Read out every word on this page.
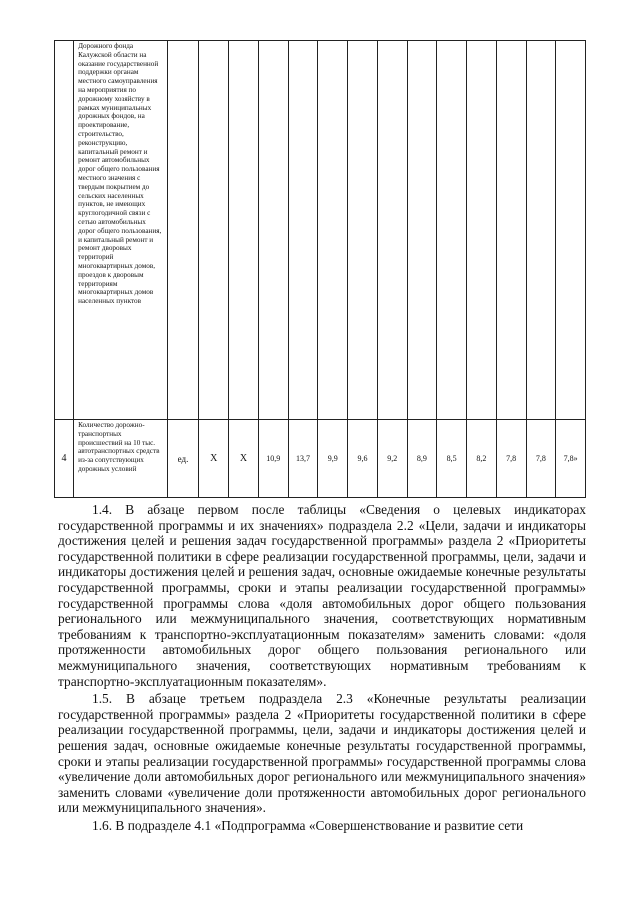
	Дорожного фонда Калужской области на оказание государственной поддержки органам местного самоуправления на мероприятия по дорожному хозяйству в рамках муниципальных дорожных фондов, на проектирование, строительство, реконструкцию, капитальный ремонт и ремонт автомобильных дорог общего пользования местного значения с твердым покрытием до сельских населенных пунктов, не имеющих круглогодичной связи с сетью автомобильных дорог общего пользования, и капитальный ремонт и ремонт дворовых территорий многоквартирных домов, проездов к дворовым территориям многоквартирных домов населенных пунктов														

4	Количество дорожно-транспортных происшествий на 10 тыс. автотранспортных средств из-за сопутствующих дорожных условий	ед.	Х	Х	10,9	13,7	9,9	9,6	9,2	8,9	8,5	8,2	7,8	7,8	7,8»

1.4. В абзаце первом после таблицы «Сведения о целевых индикаторах государственной программы и их значениях» подраздела 2.2 «Цели, задачи и индикаторы достижения целей и решения задач государственной программы» раздела 2 «Приоритеты государственной политики в сфере реализации государственной программы, цели, задачи и индикаторы достижения целей и решения задач, основные ожидаемые конечные результаты государственной программы, сроки и этапы реализации государственной программы» государственной программы слова «доля автомобильных дорог общего пользования регионального или межмуниципального значения, соответствующих нормативным требованиям к транспортно-эксплуатационным показателям» заменить словами: «доля протяженности автомобильных дорог общего пользования регионального или межмуниципального значения, соответствующих нормативным требованиям к транспортно-эксплуатационным показателям».

1.5. В абзаце третьем подраздела 2.3 «Конечные результаты реализации государственной программы» раздела 2 «Приоритеты государственной политики в сфере реализации государственной программы, цели, задачи и индикаторы достижения целей и решения задач, основные ожидаемые конечные результаты государственной программы, сроки и этапы реализации государственной программы» государственной программы слова «увеличение доли автомобильных дорог регионального или межмуниципального значения» заменить словами «увеличение доли протяженности автомобильных дорог регионального или межмуниципального значения».

1.6. В подразделе 4.1 «Подпрограмма «Совершенствование и развитие сети
